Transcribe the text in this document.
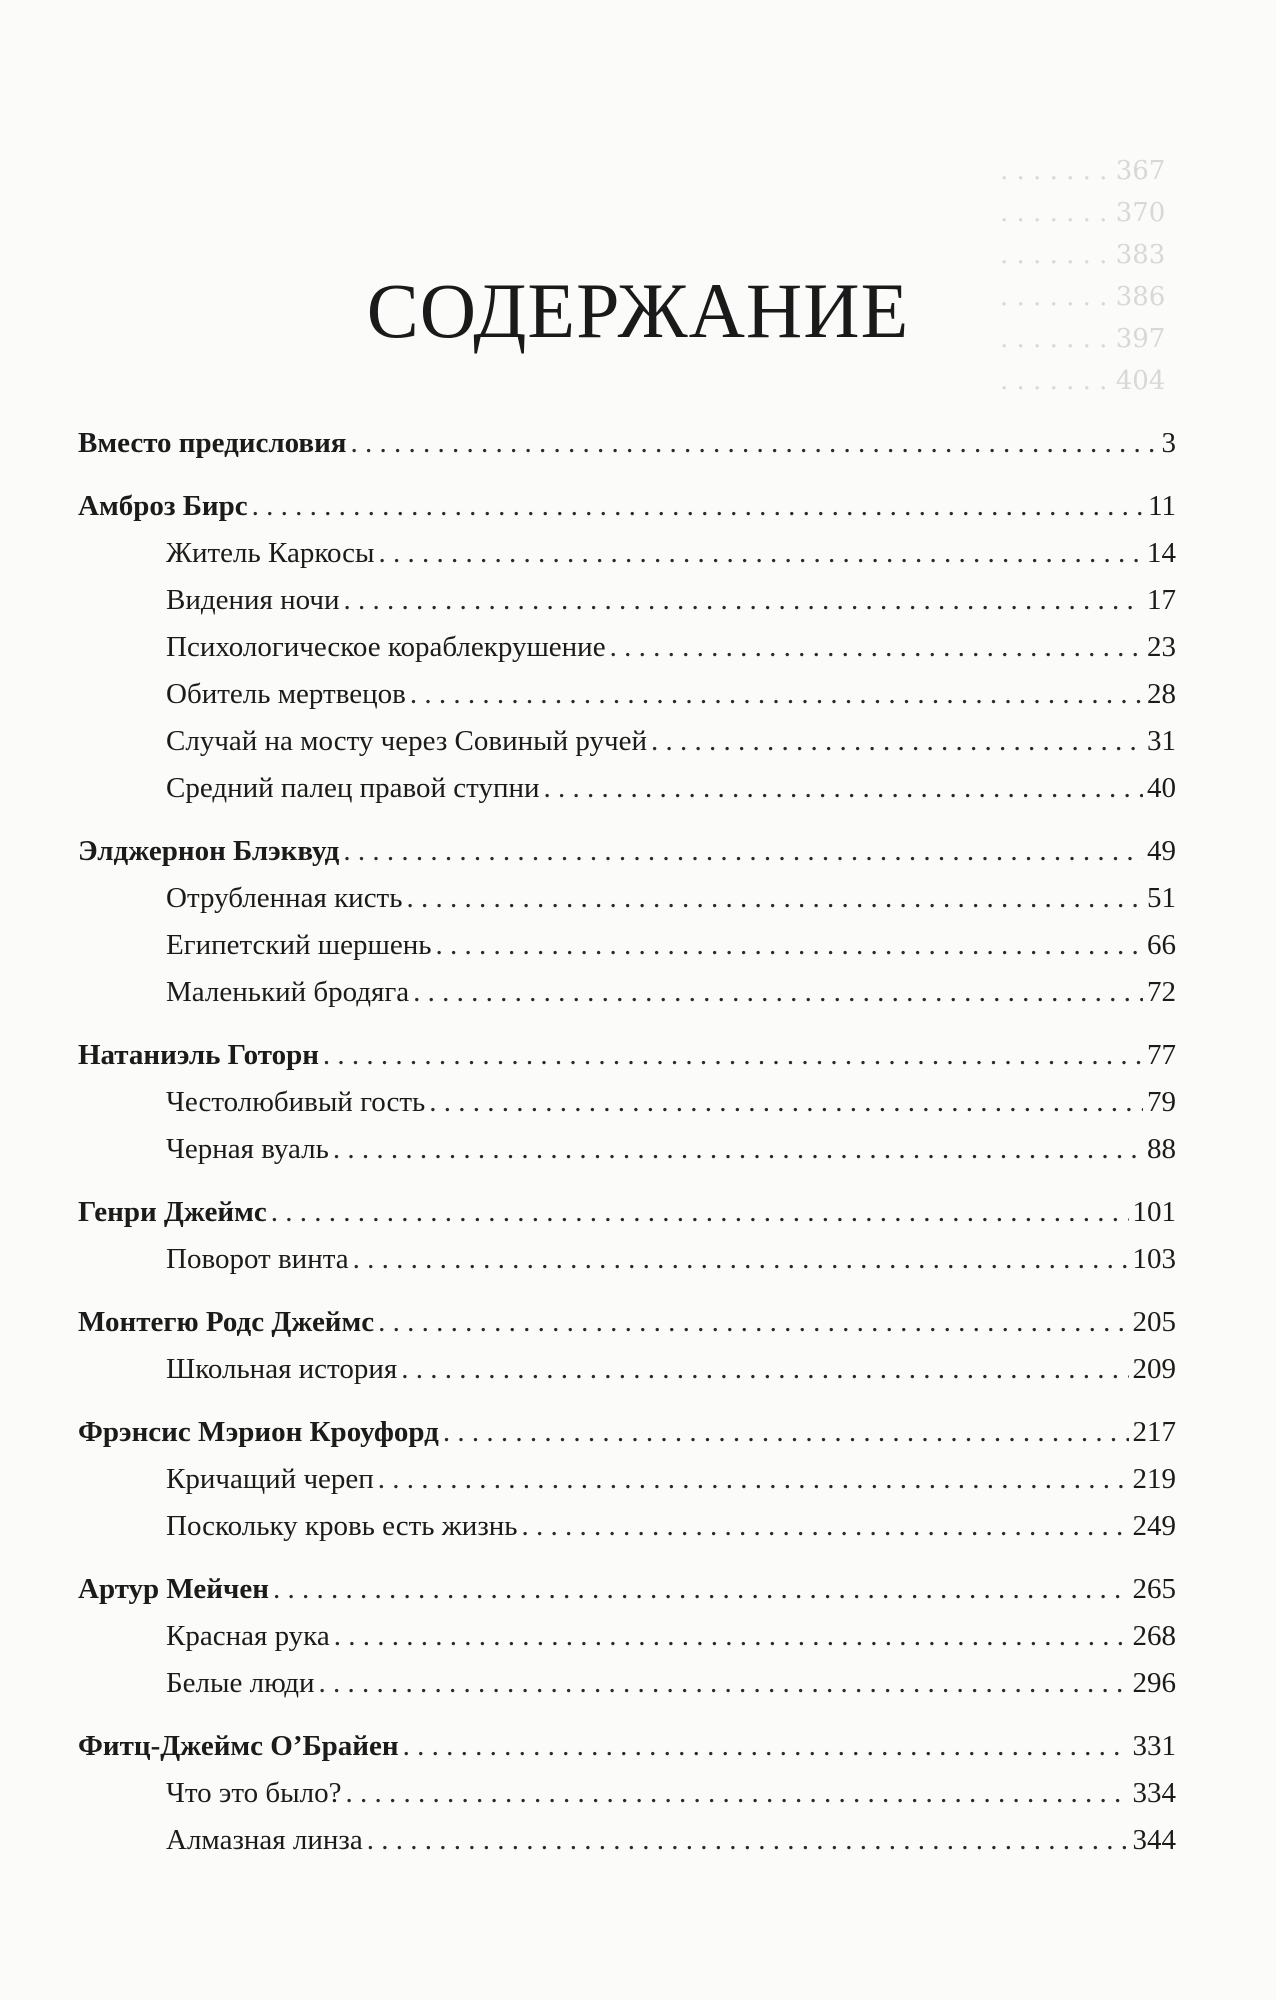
. . . . . . . 367
. . . . . . . 370
. . . . . . . 383
. . . . . . . 386
. . . . . . . 397
. . . . . . . 404
СОДЕРЖАНИЕ
Вместо предисловия . . .	3
Амброз Бирс . . .	11
Житель Каркосы . . .	14
Видения ночи . . .	17
Психологическое кораблекрушение . . .	23
Обитель мертвецов . . .	28
Случай на мосту через Совиный ручей . . .	31
Средний палец правой ступни . . .	40
Элджернон Блэквуд . . .	49
Отрубленная кисть . . .	51
Египетский шершень . . .	66
Маленький бродяга . . .	72
Натаниэль Готорн . . .	77
Честолюбивый гость . . .	79
Черная вуаль . . .	88
Генри Джеймс . . .	101
Поворот винта . . .	103
Монтегю Родс Джеймс . . .	205
Школьная история . . .	209
Фрэнсис Мэрион Кроуфорд . . .	217
Кричащий череп . . .	219
Поскольку кровь есть жизнь . . .	249
Артур Мейчен . . .	265
Красная рука . . .	268
Белые люди . . .	296
Фитц-Джеймс О’Брайен . . .	331
Что это было? . . .	334
Алмазная линза . . .	344
